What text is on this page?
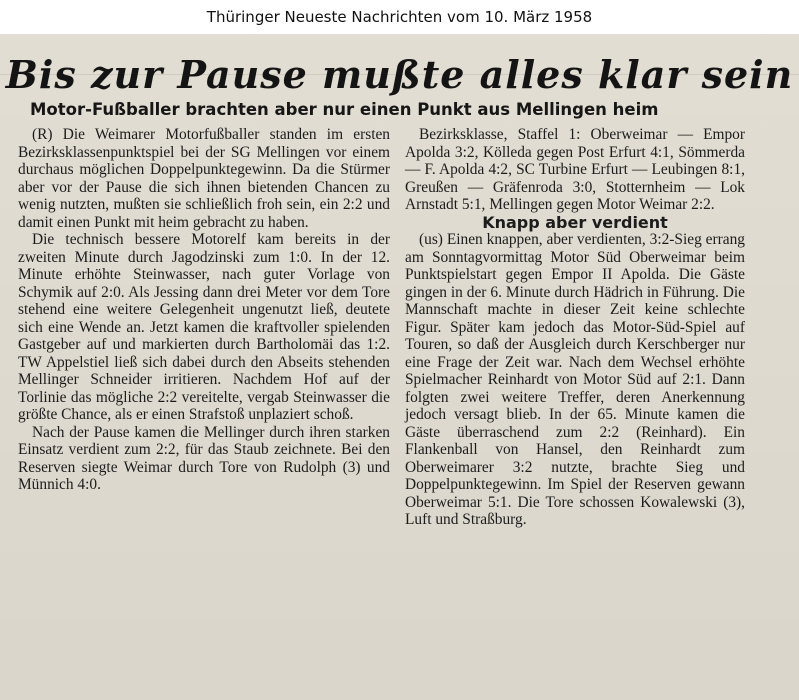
Thüringer Neueste Nachrichten vom 10. März 1958
Bis zur Pause mußte alles klar sein
Motor-Fußballer brachten aber nur einen Punkt aus Mellingen heim

(R) Die Weimarer Motorfußballer standen im ersten Bezirksklassenpunktspiel bei der SG Mellingen vor einem durchaus möglichen Doppelpunktegewinn. Da die Stürmer aber vor der Pause die sich ihnen bietenden Chancen zu wenig nutzten, mußten sie schließlich froh sein, ein 2:2 und damit einen Punkt mit heim gebracht zu haben.

Die technisch bessere Motorelf kam bereits in der zweiten Minute durch Jagodzinski zum 1:0. In der 12. Minute erhöhte Steinwasser, nach guter Vorlage von Schymik auf 2:0. Als Jessing dann drei Meter vor dem Tore stehend eine weitere Gelegenheit ungenutzt ließ, deutete sich eine Wende an. Jetzt kamen die kraftvoller spielenden Gastgeber auf und markierten durch Bartholomäi das 1:2. TW Appelstiel ließ sich dabei durch den Abseits stehenden Mellinger Schneider irritieren. Nachdem Hof auf der Torlinie das mögliche 2:2 vereitelte, vergab Steinwasser die größte Chance, als er einen Strafstoß unplaziert schoß.

Nach der Pause kamen die Mellinger durch ihren starken Einsatz verdient zum 2:2, für das Staub zeichnete. Bei den Reserven siegte Weimar durch Tore von Rudolph (3) und Münnich 4:0.

Bezirksklasse, Staffel 1: Oberweimar — Empor Apolda 3:2, Kölleda gegen Post Erfurt 4:1, Sömmerda — F. Apolda 4:2, SC Turbine Erfurt — Leubingen 8:1, Greußen — Gräfenroda 3:0, Stotternheim — Lok Arnstadt 5:1, Mellingen gegen Motor Weimar 2:2.

Knapp aber verdient

(us) Einen knappen, aber verdienten, 3:2-Sieg errang am Sonntagvormittag Motor Süd Oberweimar beim Punktspielstart gegen Empor II Apolda. Die Gäste gingen in der 6. Minute durch Hädrich in Führung. Die Mannschaft machte in dieser Zeit keine schlechte Figur. Später kam jedoch das Motor-Süd-Spiel auf Touren, so daß der Ausgleich durch Kerschberger nur eine Frage der Zeit war. Nach dem Wechsel erhöhte Spielmacher Reinhardt von Motor Süd auf 2:1. Dann folgten zwei weitere Treffer, deren Anerkennung jedoch versagt blieb. In der 65. Minute kamen die Gäste überraschend zum 2:2 (Reinhard). Ein Flankenball von Hansel, den Reinhardt zum Oberweimarer 3:2 nutzte, brachte Sieg und Doppelpunktegewinn. Im Spiel der Reserven gewann Oberweimar 5:1. Die Tore schossen Kowalewski (3), Luft und Straßburg.
